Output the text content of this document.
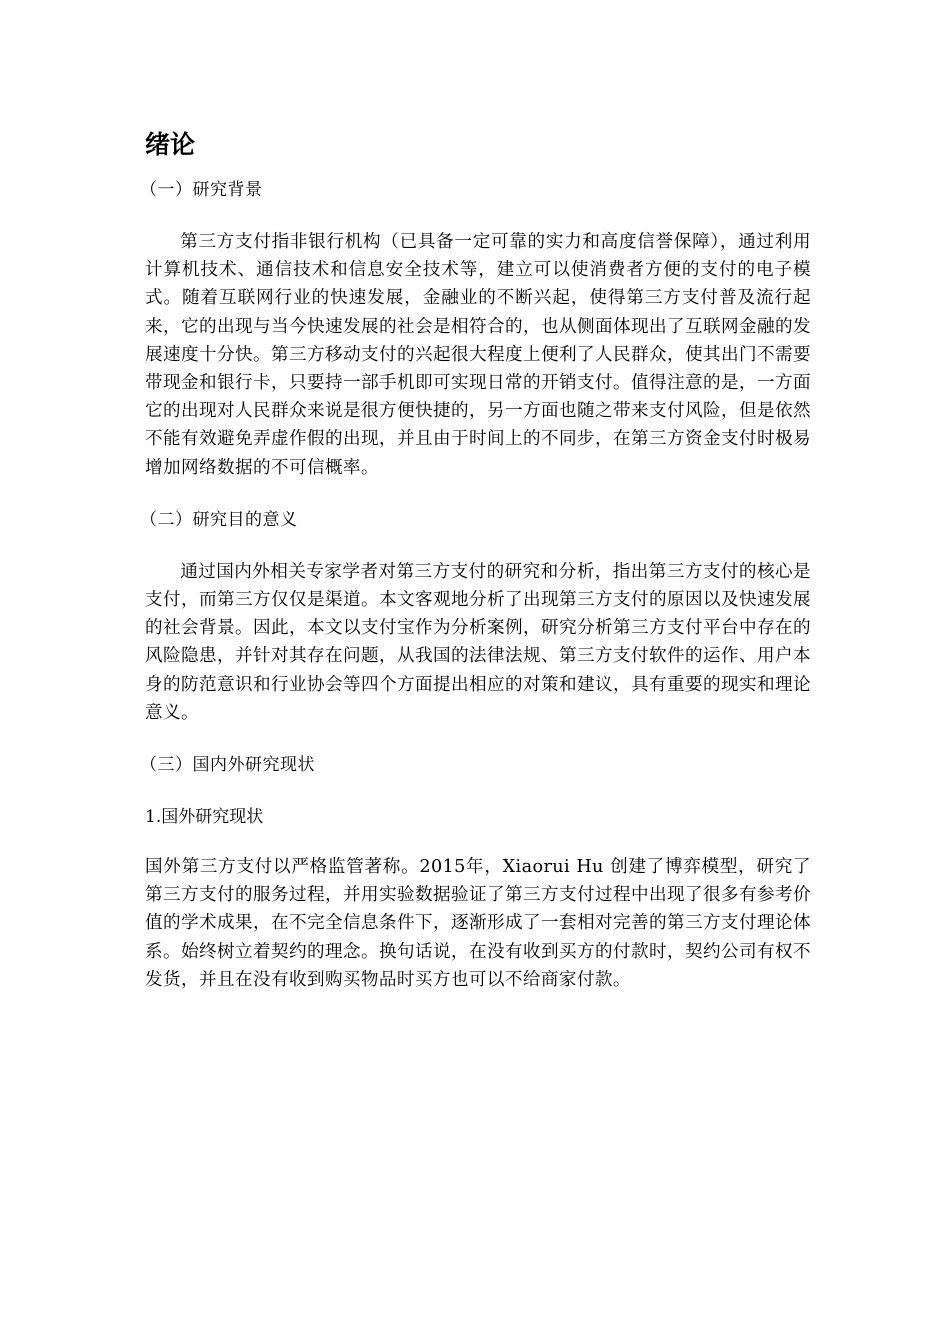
绪论
（一）研究背景

第三方支付指非银行机构（已具备一定可靠的实力和高度信誉保障），通过利用计算机技术、通信技术和信息安全技术等，建立可以使消费者方便的支付的电子模式。随着互联网行业的快速发展，金融业的不断兴起，使得第三方支付普及流行起来，它的出现与当今快速发展的社会是相符合的，也从侧面体现出了互联网金融的发展速度十分快。第三方移动支付的兴起很大程度上便利了人民群众，使其出门不需要带现金和银行卡，只要持一部手机即可实现日常的开销支付。值得注意的是，一方面它的出现对人民群众来说是很方便快捷的，另一方面也随之带来支付风险，但是依然不能有效避免弄虚作假的出现，并且由于时间上的不同步，在第三方资金支付时极易增加网络数据的不可信概率。

（二）研究目的意义

通过国内外相关专家学者对第三方支付的研究和分析，指出第三方支付的核心是支付，而第三方仅仅是渠道。本文客观地分析了出现第三方支付的原因以及快速发展的社会背景。因此，本文以支付宝作为分析案例，研究分析第三方支付平台中存在的风险隐患，并针对其存在问题，从我国的法律法规、第三方支付软件的运作、用户本身的防范意识和行业协会等四个方面提出相应的对策和建议，具有重要的现实和理论意义。

（三）国内外研究现状
1.国外研究现状

国外第三方支付以严格监管著称。2015年，Xiaorui Hu 创建了博弈模型，研究了第三方支付的服务过程，并用实验数据验证了第三方支付过程中出现了很多有参考价值的学术成果，在不完全信息条件下，逐渐形成了一套相对完善的第三方支付理论体系。始终树立着契约的理念。换句话说，在没有收到买方的付款时，契约公司有权不发货，并且在没有收到购买物品时买方也可以不给商家付款。
